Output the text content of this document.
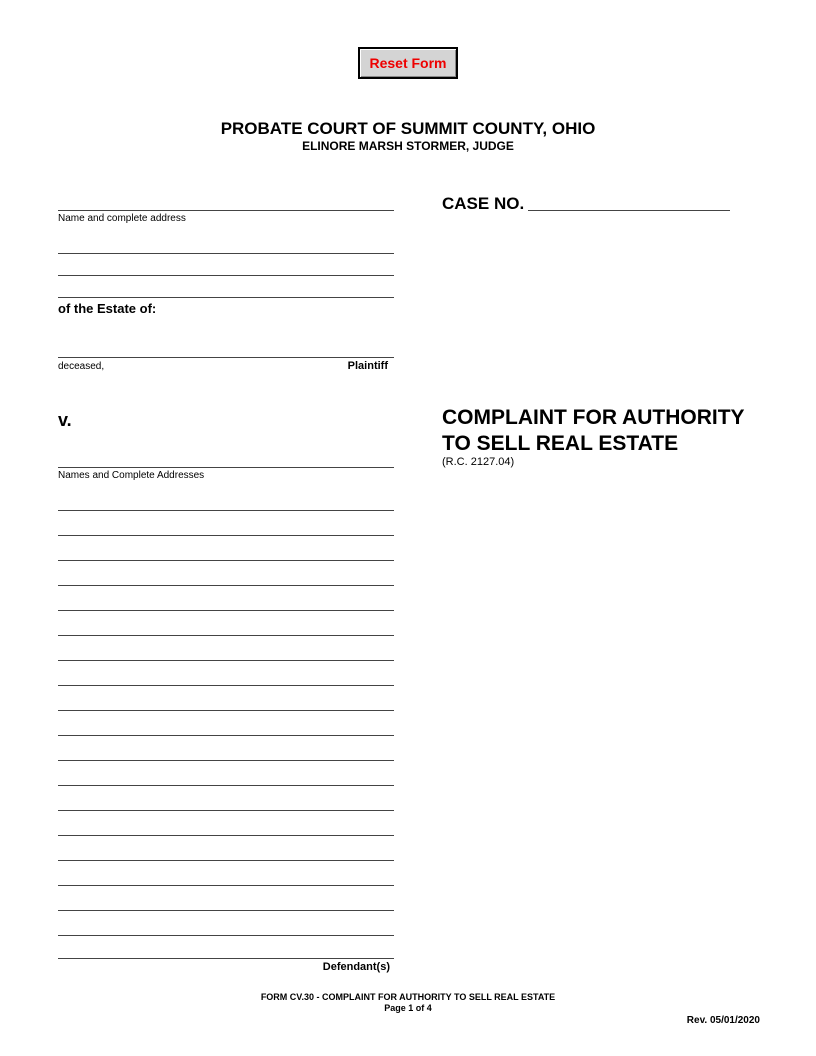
Reset Form
PROBATE COURT OF SUMMIT COUNTY, OHIO
ELINORE MARSH STORMER, JUDGE
Name and complete address
of the Estate of:
deceased,	Plaintiff
v.
Names and Complete Addresses
Defendant(s)
CASE NO.
COMPLAINT FOR AUTHORITY
TO SELL REAL ESTATE
(R.C. 2127.04)
FORM CV.30 - COMPLAINT FOR AUTHORITY TO SELL REAL ESTATE
Page 1 of 4
Rev. 05/01/2020
